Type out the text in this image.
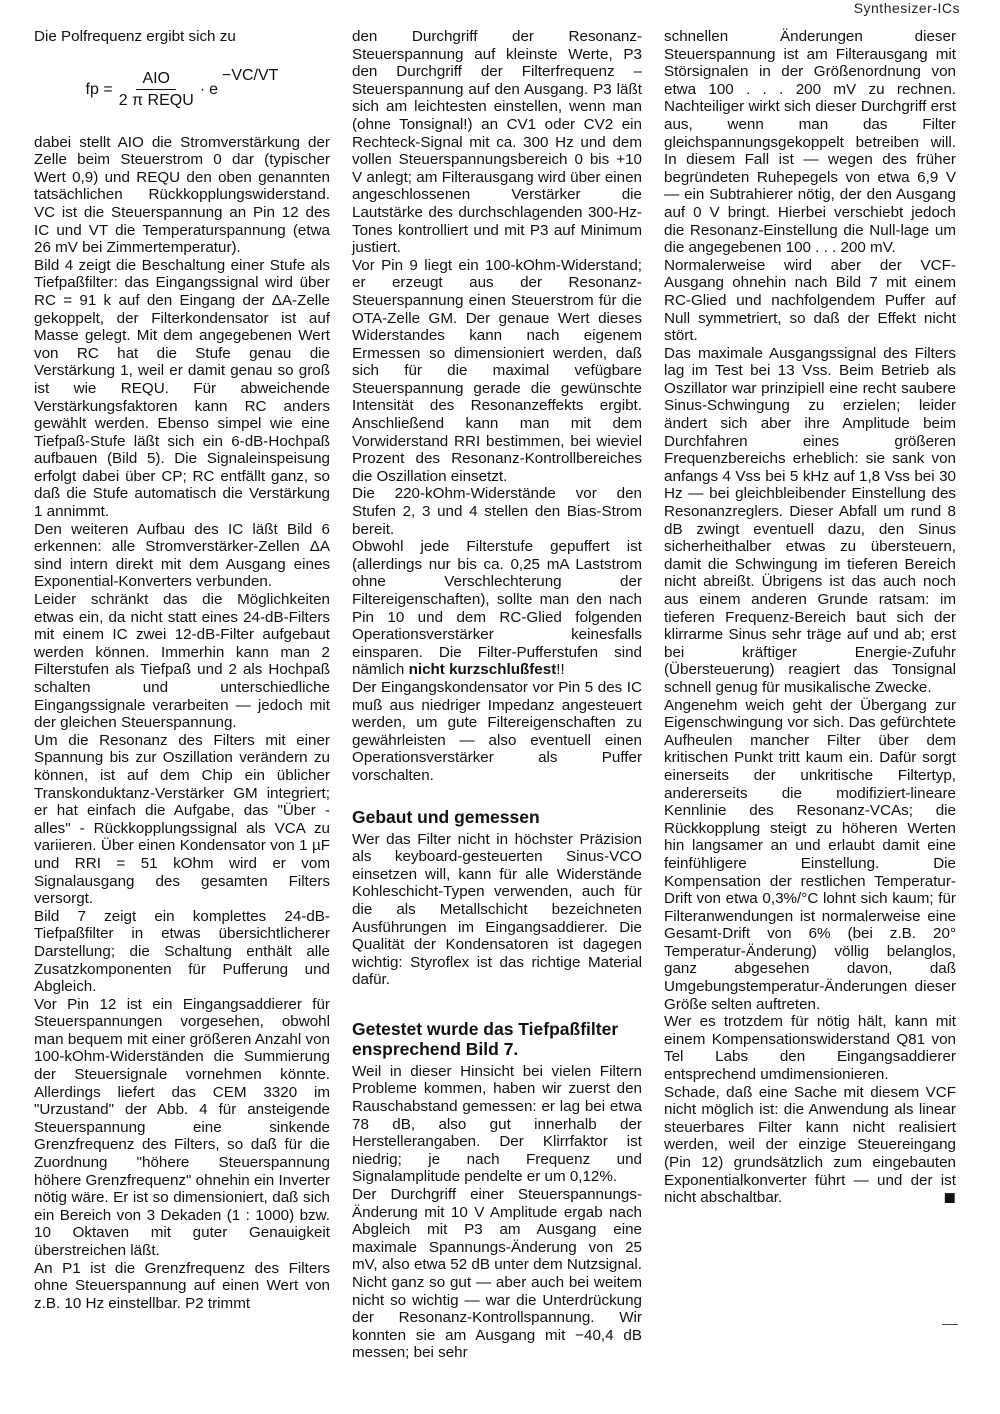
Synthesizer-ICs

Die Polfrequenz ergibt sich zu

fp = $\frac{\text{AIO}}{\text{2 π REQU}} \cdot e$
−VC/VT

dabei stellt AIO die Stromverstärkung der Zelle beim Steuerstrom 0 dar (typischer Wert 0,9) und REQU den oben genannten tatsächlichen Rückkopplungswiderstand. VC ist die Steuerspannung an Pin 12 des IC und VT die Temperaturspannung (etwa 26 mV bei Zimmertemperatur).

Bild 4 zeigt die Beschaltung einer Stufe als Tiefpaßfilter: das Eingangssignal wird über RC = 91 k auf den Eingang der ΔA-Zelle gekoppelt, der Filterkondensator ist auf Masse gelegt. Mit dem angegebenen Wert von RC hat die Stufe genau die Verstärkung 1, weil er damit genau so groß ist wie REQU. Für abweichende Verstärkungsfaktoren kann RC anders gewählt werden. Ebenso simpel wie eine Tiefpaß-Stufe läßt sich ein 6-dB-Hochpaß aufbauen (Bild 5). Die Signaleinspeisung erfolgt dabei über CP; RC entfällt ganz, so daß die Stufe automatisch die Verstärkung 1 annimmt.

Den weiteren Aufbau des IC läßt Bild 6 erkennen: alle Stromverstärker-Zellen ΔA sind intern direkt mit dem Ausgang eines Exponential-Konverters verbunden.

Leider schränkt das die Möglichkeiten etwas ein, da nicht statt eines 24-dB-Filters mit einem IC zwei 12-dB-Filter aufgebaut werden können. Immerhin kann man 2 Filterstufen als Tiefpaß und 2 als Hochpaß schalten und unterschiedliche Eingangssignale verarbeiten — jedoch mit der gleichen Steuerspannung.

Um die Resonanz des Filters mit einer Spannung bis zur Oszillation verändern zu können, ist auf dem Chip ein üblicher Transkonduktanz-Verstärker GM integriert; er hat einfach die Aufgabe, das "Über - alles" - Rückkopplungssignal als VCA zu variieren. Über einen Kondensator von 1 µF und RRI = 51 kOhm wird er vom Signalausgang des gesamten Filters versorgt.

Bild 7 zeigt ein komplettes 24-dB-Tiefpaßfilter in etwas übersichtlicherer Darstellung; die Schaltung enthält alle Zusatzkomponenten für Pufferung und Abgleich.

Vor Pin 12 ist ein Eingangsaddierer für Steuerspannungen vorgesehen, obwohl man bequem mit einer größeren Anzahl von 100-kOhm-Widerständen die Summierung der Steuersignale vornehmen könnte. Allerdings liefert das CEM 3320 im "Urzustand" der Abb. 4 für ansteigende Steuerspannung eine sinkende Grenzfrequenz des Filters, so daß für die Zuordnung "höhere Steuerspannung höhere Grenzfrequenz" ohnehin ein Inverter nötig wäre. Er ist so dimensioniert, daß sich ein Bereich von 3 Dekaden (1 : 1000) bzw. 10 Oktaven mit guter Genauigkeit überstreichen läßt.

An P1 ist die Grenzfrequenz des Filters ohne Steuerspannung auf einen Wert von z.B. 10 Hz einstellbar. P2 trimmt

den Durchgriff der Resonanz-Steuerspannung auf kleinste Werte, P3 den Durchgriff der Filterfrequenz – Steuerspannung auf den Ausgang. P3 läßt sich am leichtesten einstellen, wenn man (ohne Tonsignal!) an CV1 oder CV2 ein Rechteck-Signal mit ca. 300 Hz und dem vollen Steuerspannungsbereich 0 bis +10 V anlegt; am Filterausgang wird über einen angeschlossenen Verstärker die Lautstärke des durchschlagenden 300-Hz-Tones kontrolliert und mit P3 auf Minimum justiert.

Vor Pin 9 liegt ein 100-kOhm-Widerstand; er erzeugt aus der Resonanz-Steuerspannung einen Steuerstrom für die OTA-Zelle GM. Der genaue Wert dieses Widerstandes kann nach eigenem Ermessen so dimensioniert werden, daß sich für die maximal vefügbare Steuerspannung gerade die gewünschte Intensität des Resonanzeffekts ergibt. Anschließend kann man mit dem Vorwiderstand RRI bestimmen, bei wieviel Prozent des Resonanz-Kontrollbereiches die Oszillation einsetzt.

Die 220-kOhm-Widerstände vor den Stufen 2, 3 und 4 stellen den Bias-Strom bereit.

Obwohl jede Filterstufe gepuffert ist (allerdings nur bis ca. 0,25 mA Laststrom ohne Verschlechterung der Filtereigenschaften), sollte man den nach Pin 10 und dem RC-Glied folgenden Operationsverstärker keinesfalls einsparen. Die Filter-Pufferstufen sind nämlich nicht kurzschlußfest!!

Der Eingangskondensator vor Pin 5 des IC muß aus niedriger Impedanz angesteuert werden, um gute Filtereigenschaften zu gewährleisten — also eventuell einen Operationsverstärker als Puffer vorschalten.

Gebaut und gemessen

Wer das Filter nicht in höchster Präzision als keyboard-gesteuerten Sinus-VCO einsetzen will, kann für alle Widerstände Kohleschicht-Typen verwenden, auch für die als Metallschicht bezeichneten Ausführungen im Eingangsaddierer. Die Qualität der Kondensatoren ist dagegen wichtig: Styroflex ist das richtige Material dafür.

Getestet wurde das Tiefpaßfilter ensprechend Bild 7.

Weil in dieser Hinsicht bei vielen Filtern Probleme kommen, haben wir zuerst den Rauschabstand gemessen: er lag bei etwa 78 dB, also gut innerhalb der Herstellerangaben. Der Klirrfaktor ist niedrig; je nach Frequenz und Signalamplitude pendelte er um 0,12%.

Der Durchgriff einer Steuerspannungs-Änderung mit 10 V Amplitude ergab nach Abgleich mit P3 am Ausgang eine maximale Spannungs-Änderung von 25 mV, also etwa 52 dB unter dem Nutzsignal. Nicht ganz so gut — aber auch bei weitem nicht so wichtig — war die Unterdrückung der Resonanz-Kontrollspannung. Wir konnten sie am Ausgang mit −40,4 dB messen; bei sehr

schnellen Änderungen dieser Steuerspannung ist am Filterausgang mit Störsignalen in der Größenordnung von etwa 100 . . . 200 mV zu rechnen. Nachteiliger wirkt sich dieser Durchgriff erst aus, wenn man das Filter gleichspannungsgekoppelt betreiben will. In diesem Fall ist — wegen des früher begründeten Ruhepegels von etwa 6,9 V — ein Subtrahierer nötig, der den Ausgang auf 0 V bringt. Hierbei verschiebt jedoch die Resonanz-Einstellung die Null-lage um die angegebenen 100 . . . 200 mV.

Normalerweise wird aber der VCF-Ausgang ohnehin nach Bild 7 mit einem RC-Glied und nachfolgendem Puffer auf Null symmetriert, so daß der Effekt nicht stört.

Das maximale Ausgangssignal des Filters lag im Test bei 13 Vss. Beim Betrieb als Oszillator war prinzipiell eine recht saubere Sinus-Schwingung zu erzielen; leider ändert sich aber ihre Amplitude beim Durchfahren eines größeren Frequenzbereichs erheblich: sie sank von anfangs 4 Vss bei 5 kHz auf 1,8 Vss bei 30 Hz — bei gleichbleibender Einstellung des Resonanzreglers. Dieser Abfall um rund 8 dB zwingt eventuell dazu, den Sinus sicherheithalber etwas zu übersteuern, damit die Schwingung im tieferen Bereich nicht abreißt. Übrigens ist das auch noch aus einem anderen Grunde ratsam: im tieferen Frequenz-Bereich baut sich der klirrarme Sinus sehr träge auf und ab; erst bei kräftiger Energie-Zufuhr (Übersteuerung) reagiert das Tonsignal schnell genug für musikalische Zwecke.

Angenehm weich geht der Übergang zur Eigenschwingung vor sich. Das gefürchtete Aufheulen mancher Filter über dem kritischen Punkt tritt kaum ein. Dafür sorgt einerseits der unkritische Filtertyp, andererseits die modifiziert-lineare Kennlinie des Resonanz-VCAs; die Rückkopplung steigt zu höheren Werten hin langsamer an und erlaubt damit eine feinfühligere Einstellung. Die Kompensation der restlichen Temperatur-Drift von etwa 0,3%/°C lohnt sich kaum; für Filteranwendungen ist normalerweise eine Gesamt-Drift von 6% (bei z.B. 20° Temperatur-Änderung) völlig belanglos, ganz abgesehen davon, daß Umgebungstemperatur-Änderungen dieser Größe selten auftreten.

Wer es trotzdem für nötig hält, kann mit einem Kompensationswiderstand Q81 von Tel Labs den Eingangsaddierer entsprechend umdimensionieren.

Schade, daß eine Sache mit diesem VCF nicht möglich ist: die Anwendung als linear steuerbares Filter kann nicht realisiert werden, weil der einzige Steuereingang (Pin 12) grundsätzlich zum eingebauten Exponentialkonverter führt — und der ist nicht abschaltbar.	◼
